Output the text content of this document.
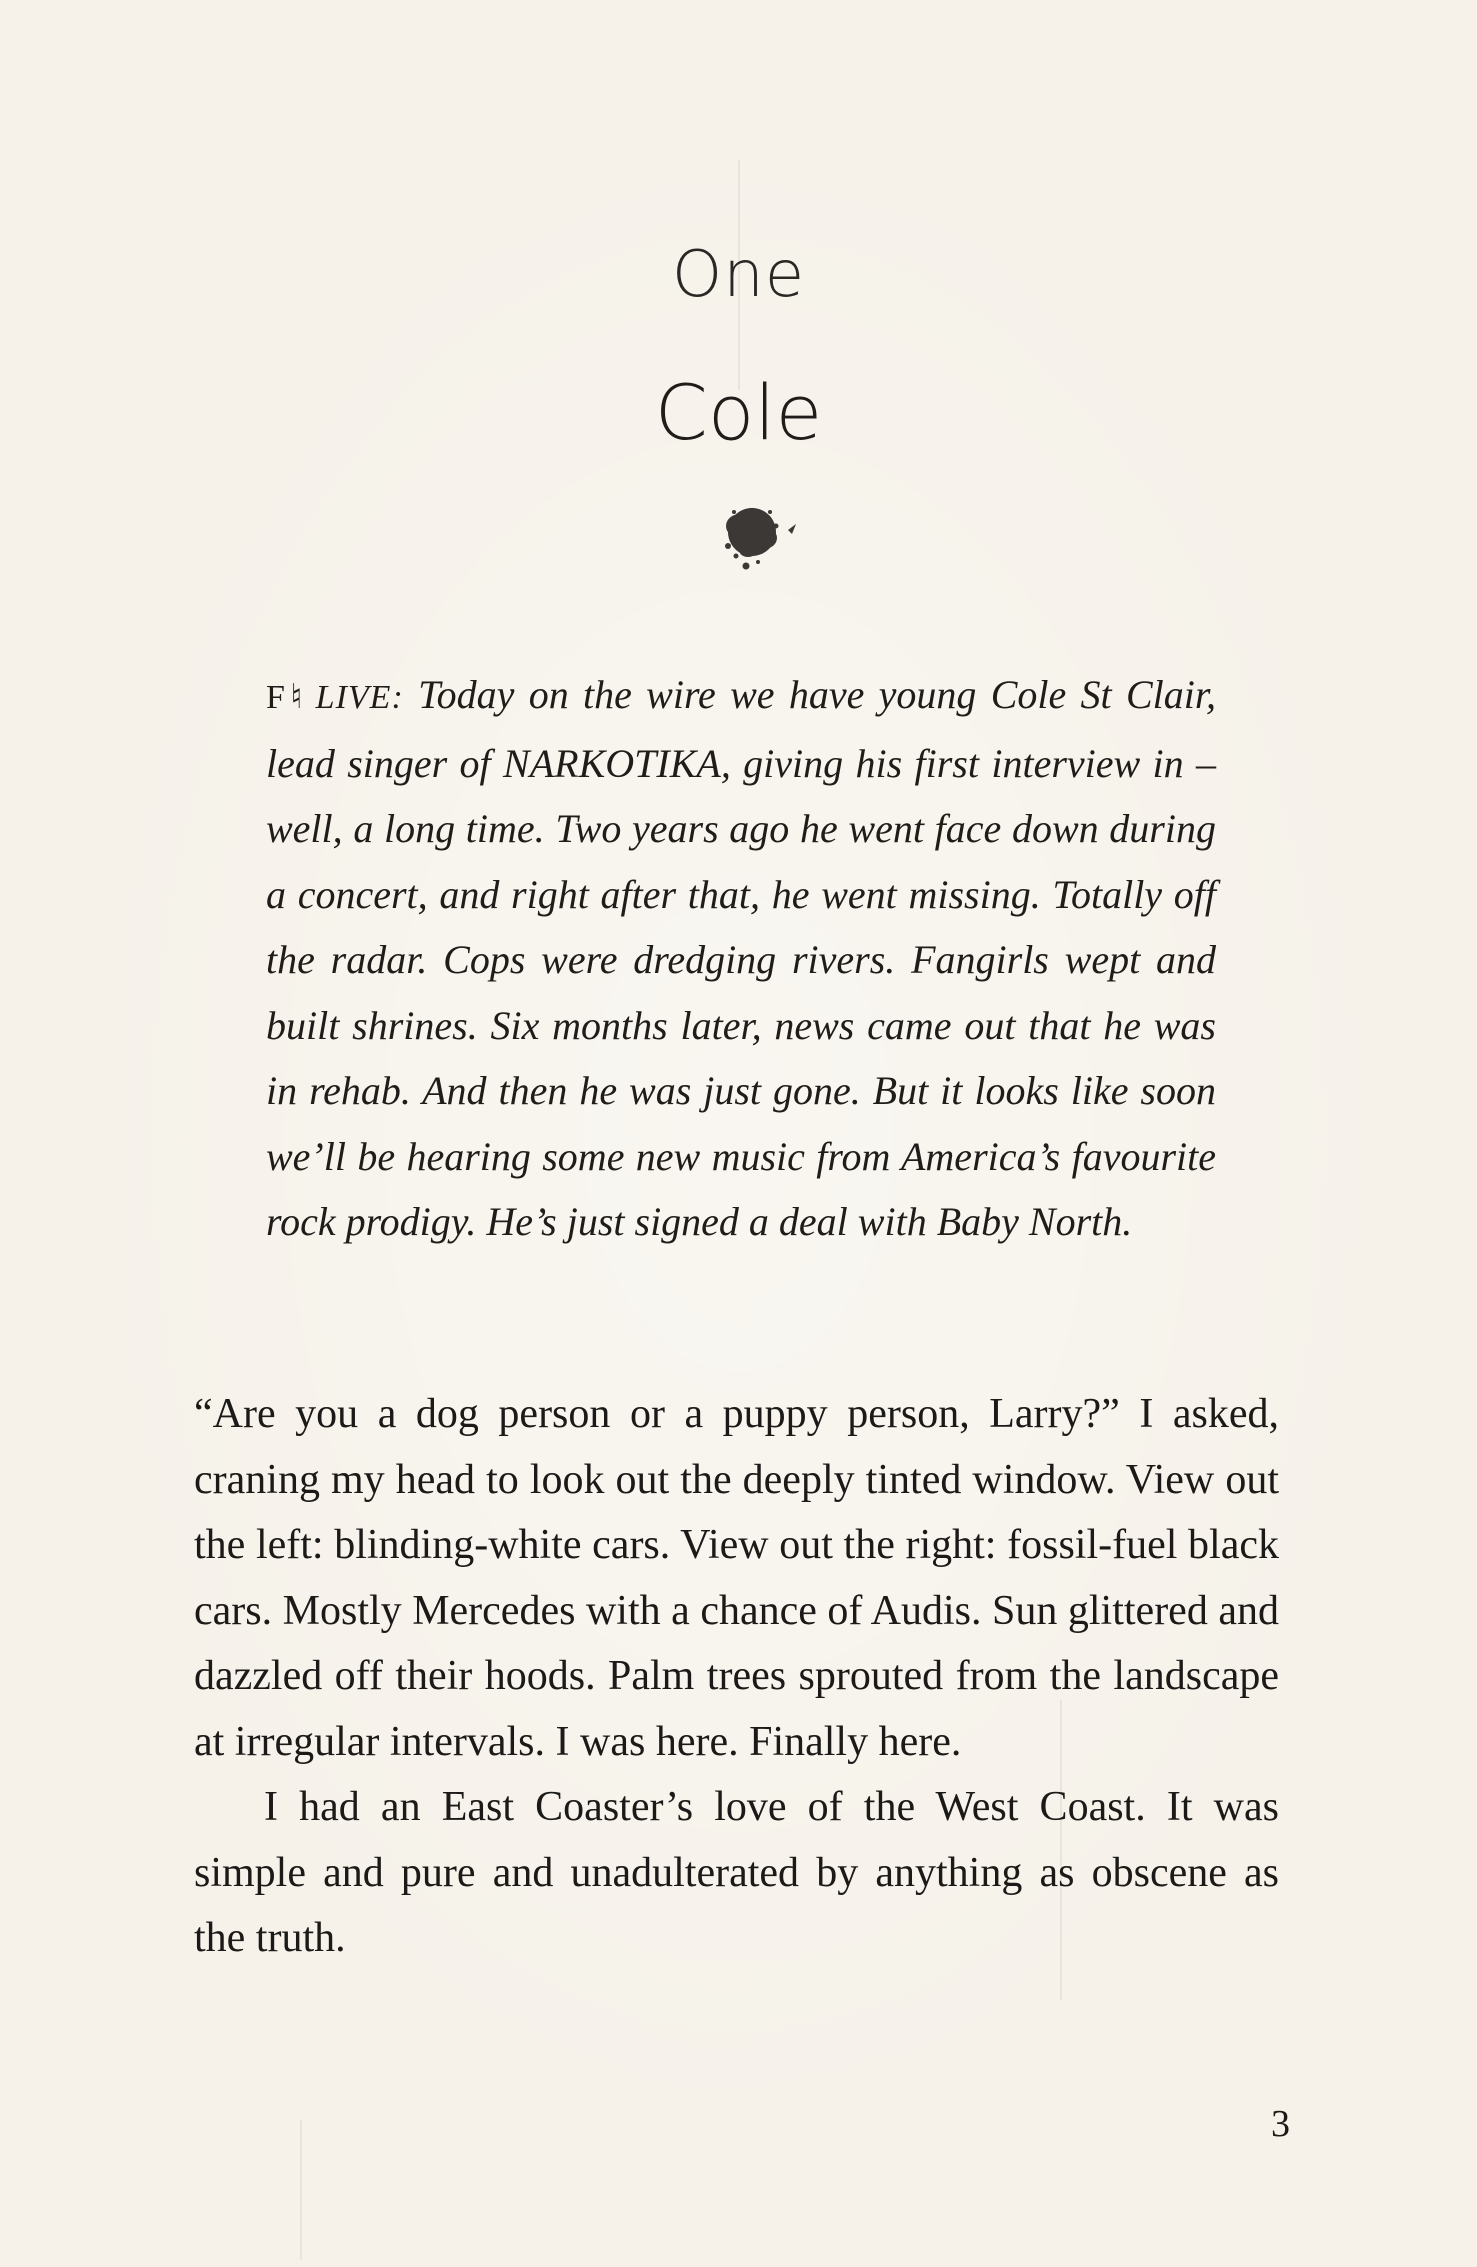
One
Cole
F♮ LIVE: Today on the wire we have young Cole St Clair, lead singer of NARKOTIKA, giving his first interview in – well, a long time. Two years ago he went face down during a concert, and right after that, he went missing. Totally off the radar. Cops were dredging rivers. Fangirls wept and built shrines. Six months later, news came out that he was in rehab. And then he was just gone. But it looks like soon we’ll be hearing some new music from America’s favourite rock prodigy. He’s just signed a deal with Baby North.

“Are you a dog person or a puppy person, Larry?” I asked, craning my head to look out the deeply tinted window. View out the left: blinding-white cars. View out the right: fossil-fuel black cars. Mostly Mercedes with a chance of Audis. Sun glittered and dazzled off their hoods. Palm trees sprouted from the landscape at irregular intervals. I was here. Finally here.

I had an East Coaster’s love of the West Coast. It was simple and pure and unadulterated by anything as obscene as the truth.

3
